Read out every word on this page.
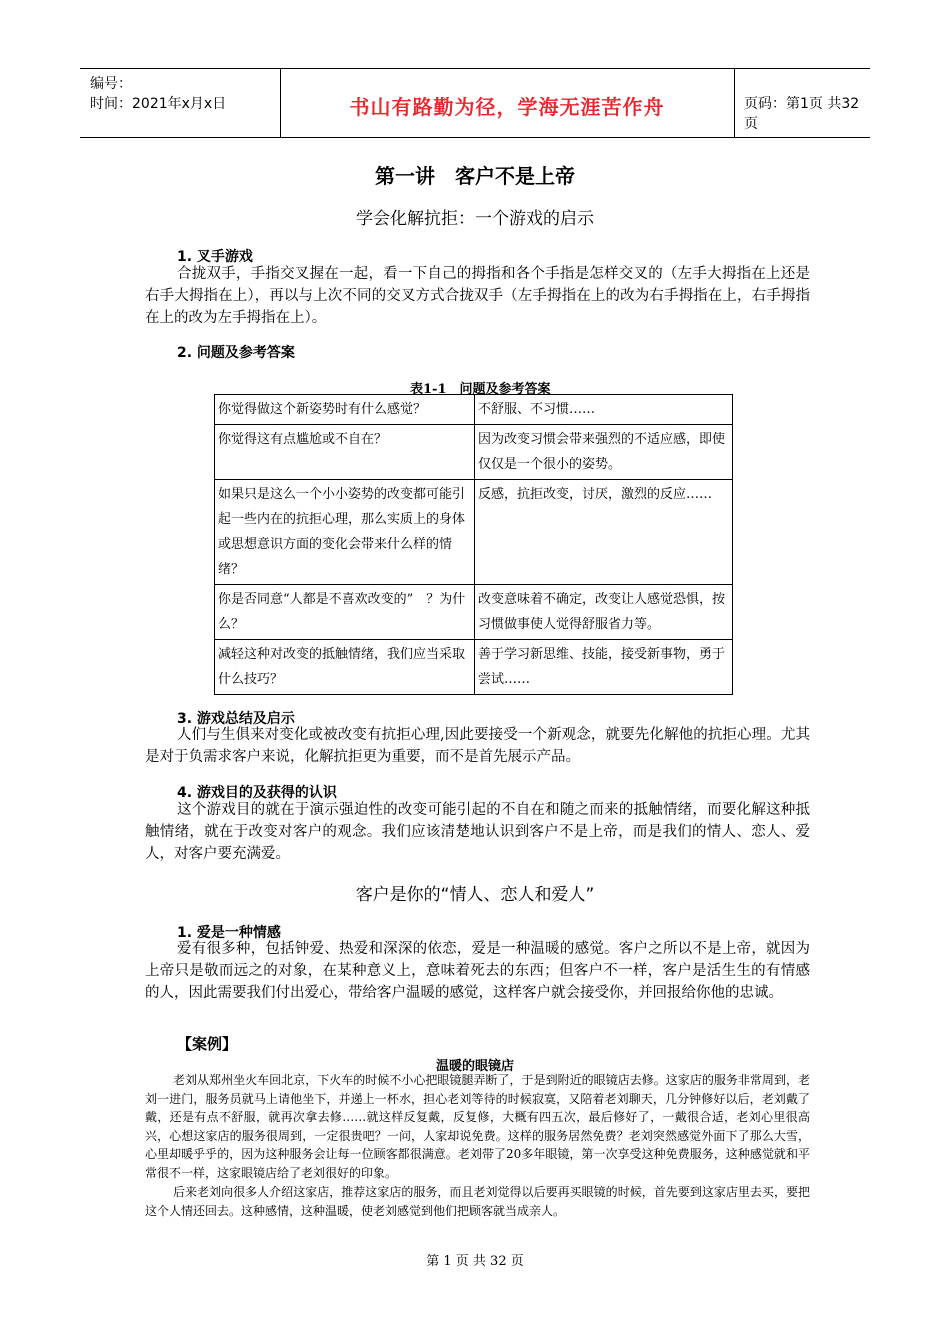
编号：
时间：2021年x月x日	书山有路勤为径，学海无涯苦作舟	页码：第1页 共32页
第一讲　客户不是上帝
学会化解抗拒：一个游戏的启示
1. 叉手游戏

合拢双手，手指交叉握在一起，看一下自己的拇指和各个手指是怎样交叉的（左手大拇指在上还是右手大拇指在上），再以与上次不同的交叉方式合拢双手（左手拇指在上的改为右手拇指在上，右手拇指在上的改为左手拇指在上）。

2. 问题及参考答案
表1-1　问题及参考答案
你觉得做这个新姿势时有什么感觉？	不舒服、不习惯……
你觉得这有点尴尬或不自在？	因为改变习惯会带来强烈的不适应感，即使仅仅是一个很小的姿势。
如果只是这么一个小小姿势的改变都可能引起一些内在的抗拒心理，那么实质上的身体或思想意识方面的变化会带来什么样的情绪？	反感，抗拒改变，讨厌，激烈的反应……
你是否同意“人都是不喜欢改变的”　？为什么？	改变意味着不确定，改变让人感觉恐惧，按习惯做事使人觉得舒服省力等。
减轻这种对改变的抵触情绪，我们应当采取什么技巧？	善于学习新思维、技能，接受新事物，勇于尝试……
3. 游戏总结及启示

人们与生俱来对变化或被改变有抗拒心理,因此要接受一个新观念，就要先化解他的抗拒心理。尤其是对于负需求客户来说，化解抗拒更为重要，而不是首先展示产品。

4. 游戏目的及获得的认识

这个游戏目的就在于演示强迫性的改变可能引起的不自在和随之而来的抵触情绪，而要化解这种抵触情绪，就在于改变对客户的观念。我们应该清楚地认识到客户不是上帝，而是我们的情人、恋人、爱人，对客户要充满爱。

客户是你的“情人、恋人和爱人”
1. 爱是一种情感

爱有很多种，包括钟爱、热爱和深深的依恋，爱是一种温暖的感觉。客户之所以不是上帝，就因为上帝只是敬而远之的对象，在某种意义上，意味着死去的东西；但客户不一样，客户是活生生的有情感的人，因此需要我们付出爱心，带给客户温暖的感觉，这样客户就会接受你，并回报给你他的忠诚。

【案例】
温暖的眼镜店

老刘从郑州坐火车回北京，下火车的时候不小心把眼镜腿弄断了，于是到附近的眼镜店去修。这家店的服务非常周到，老刘一进门，服务员就马上请他坐下，并递上一杯水，担心老刘等待的时候寂寞，又陪着老刘聊天，几分钟修好以后，老刘戴了戴，还是有点不舒服，就再次拿去修……就这样反复戴，反复修，大概有四五次，最后修好了，一戴很合适，老刘心里很高兴，心想这家店的服务很周到，一定很贵吧？一问，人家却说免费。这样的服务居然免费？老刘突然感觉外面下了那么大雪，心里却暖乎乎的，因为这种服务会让每一位顾客都很满意。老刘带了20多年眼镜，第一次享受这种免费服务，这种感觉就和平常很不一样，这家眼镜店给了老刘很好的印象。

后来老刘向很多人介绍这家店，推荐这家店的服务，而且老刘觉得以后要再买眼镜的时候，首先要到这家店里去买，要把这个人情还回去。这种感情，这种温暖，使老刘感觉到他们把顾客就当成亲人。

第 1 页 共 32 页
